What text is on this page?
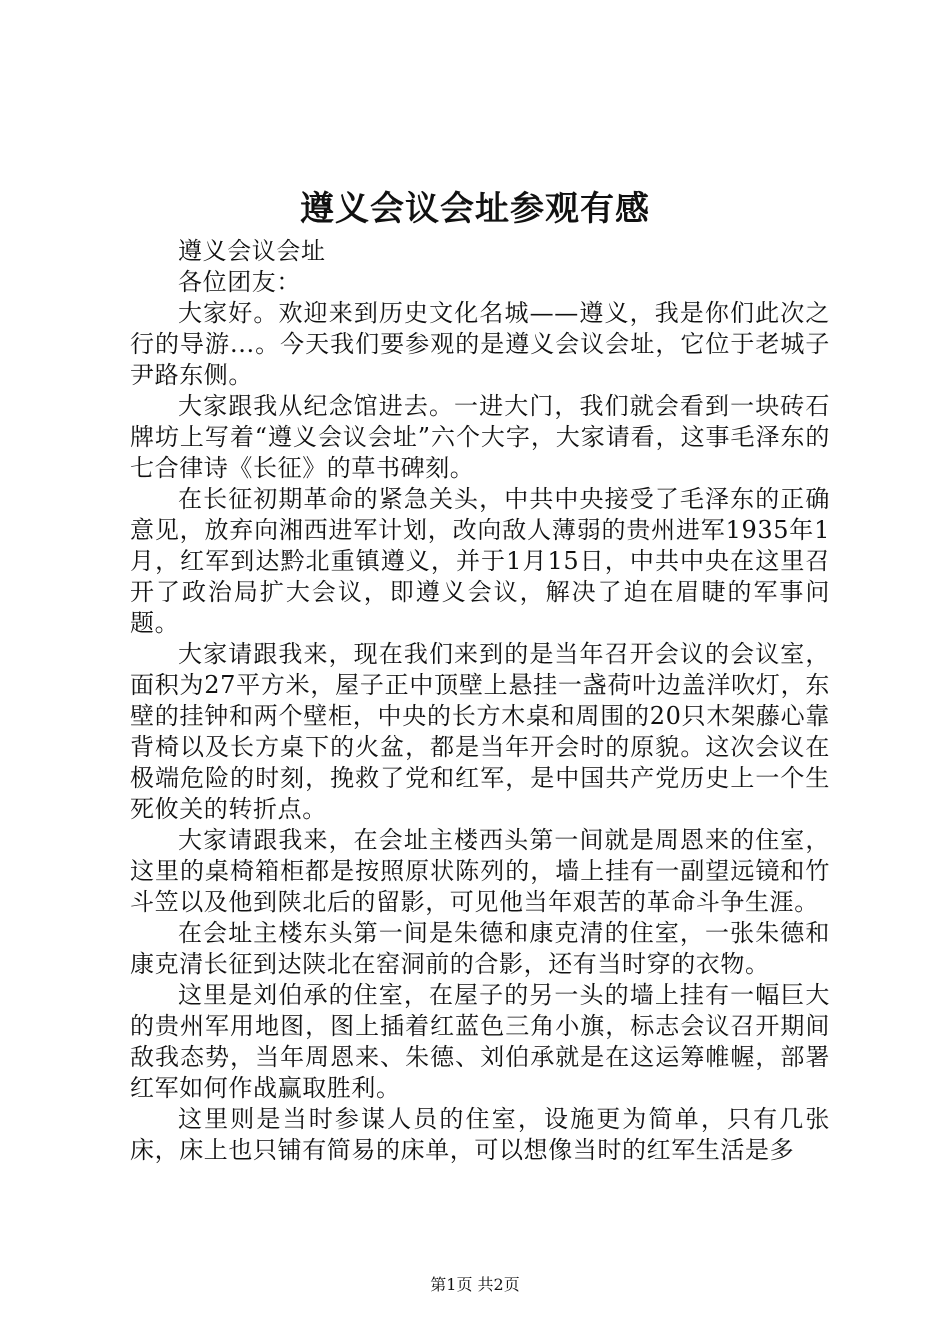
遵义会议会址参观有感

遵义会议会址

各位团友：

大家好。欢迎来到历史文化名城——遵义，我是你们此次之行的导游...。今天我们要参观的是遵义会议会址，它位于老城子尹路东侧。

大家跟我从纪念馆进去。一进大门，我们就会看到一块砖石牌坊上写着“遵义会议会址”六个大字，大家请看，这事毛泽东的七合律诗《长征》的草书碑刻。

在长征初期革命的紧急关头，中共中央接受了毛泽东的正确意见，放弃向湘西进军计划，改向敌人薄弱的贵州进军1935年1月，红军到达黔北重镇遵义，并于1月15日，中共中央在这里召开了政治局扩大会议，即遵义会议，解决了迫在眉睫的军事问题。

大家请跟我来，现在我们来到的是当年召开会议的会议室，面积为27平方米，屋子正中顶壁上悬挂一盏荷叶边盖洋吹灯，东壁的挂钟和两个壁柜，中央的长方木桌和周围的20只木架藤心靠背椅以及长方桌下的火盆，都是当年开会时的原貌。这次会议在极端危险的时刻，挽救了党和红军，是中国共产党历史上一个生死攸关的转折点。

大家请跟我来，在会址主楼西头第一间就是周恩来的住室，这里的桌椅箱柜都是按照原状陈列的，墙上挂有一副望远镜和竹斗笠以及他到陕北后的留影，可见他当年艰苦的革命斗争生涯。

在会址主楼东头第一间是朱德和康克清的住室，一张朱德和康克清长征到达陕北在窑洞前的合影，还有当时穿的衣物。

这里是刘伯承的住室，在屋子的另一头的墙上挂有一幅巨大的贵州军用地图，图上插着红蓝色三角小旗，标志会议召开期间敌我态势，当年周恩来、朱德、刘伯承就是在这运筹帷幄，部署红军如何作战赢取胜利。

这里则是当时参谋人员的住室，设施更为简单，只有几张床，床上也只铺有简易的床单，可以想像当时的红军生活是多

第1页 共2页
